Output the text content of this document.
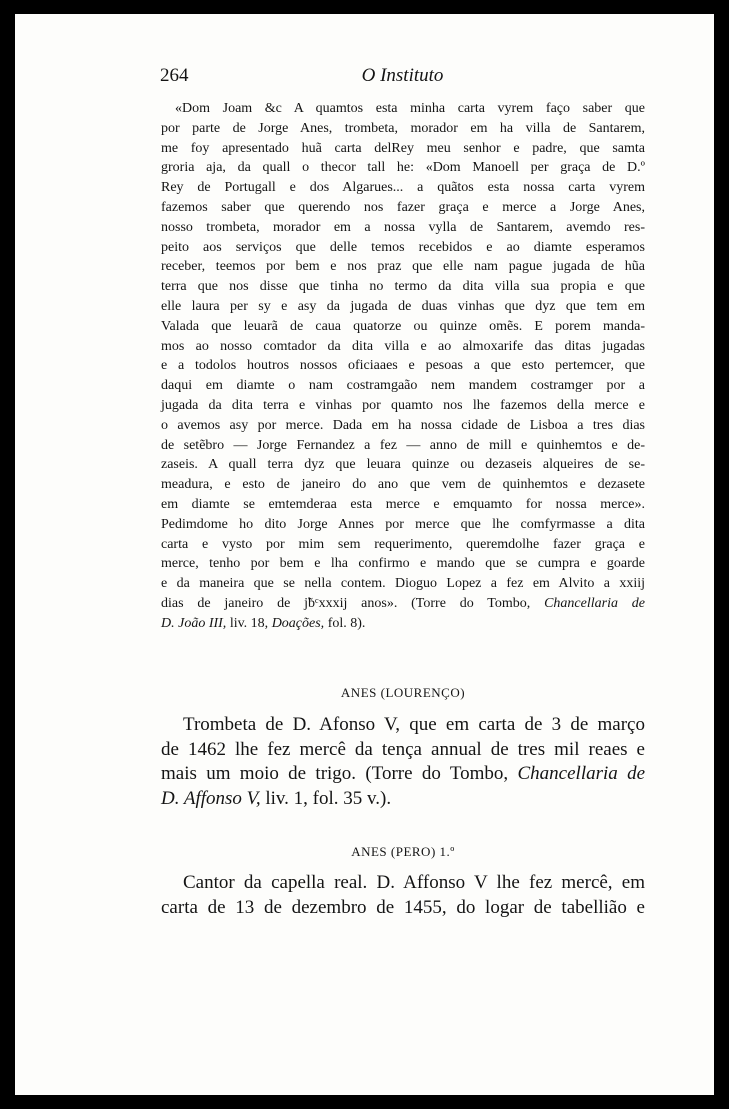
264	O Instituto
«Dom Joam &c A quamtos esta minha carta vyrem faço saber que
por parte de Jorge Anes, trombeta, morador em ha villa de Santarem,
me foy apresentado huã carta delRey meu senhor e padre, que samta
groria aja, da quall o thecor tall he: «Dom Manoell per graça de D.º
Rey de Portugall e dos Algarues... a quãtos esta nossa carta vyrem
fazemos saber que querendo nos fazer graça e merce a Jorge Anes,
nosso trombeta, morador em a nossa vylla de Santarem, avemdo res-
peito aos serviços que delle temos recebidos e ao diamte esperamos
receber, teemos por bem e nos praz que elle nam pague jugada de hũa
terra que nos disse que tinha no termo da dita villa sua propia e que
elle laura per sy e asy da jugada de duas vinhas que dyz que tem em
Valada que leuarã de caua quatorze ou quinze omẽs. E porem manda-
mos ao nosso comtador da dita villa e ao almoxarife das ditas jugadas
e a todolos houtros nossos oficiaaes e pesoas a que esto pertemcer, que
daqui em diamte o nam costramgaão nem mandem costramger por a
jugada da dita terra e vinhas por quamto nos lhe fazemos della merce e
o avemos asy por merce. Dada em ha nossa cidade de Lisboa a tres dias
de setẽbro — Jorge Fernandez a fez — anno de mill e quinhemtos e de-
zaseis. A quall terra dyz que leuara quinze ou dezaseis alqueires de se-
meadura, e esto de janeiro do ano que vem de quinhemtos e dezasete
em diamte se emtemderaa esta merce e emquamto for nossa merce».
Pedimdome ho dito Jorge Annes por merce que lhe comfyrmasse a dita
carta e vysto por mim sem requerimento, queremdolhe fazer graça e
merce, tenho por bem e lha confirmo e mando que se cumpra e goarde
e da maneira que se nella contem. Dioguo Lopez a fez em Alvito a xxiij
dias de janeiro de ј̃bᶜxxxij anos». (Torre do Tombo, Chancellaria de
D. João III, liv. 18, Doações, fol. 8).
ANES (LOURENÇO)
Trombeta de D. Afonso V, que em carta de 3 de março
de 1462 lhe fez mercê da tença annual de tres mil reaes e
mais um moio de trigo. (Torre do Tombo, Chancellaria de
D. Affonso V, liv. 1, fol. 35 v.).
ANES (PERO) 1.º
Cantor da capella real. D. Affonso V lhe fez mercê, em
carta de 13 de dezembro de 1455, do logar de tabellião e
